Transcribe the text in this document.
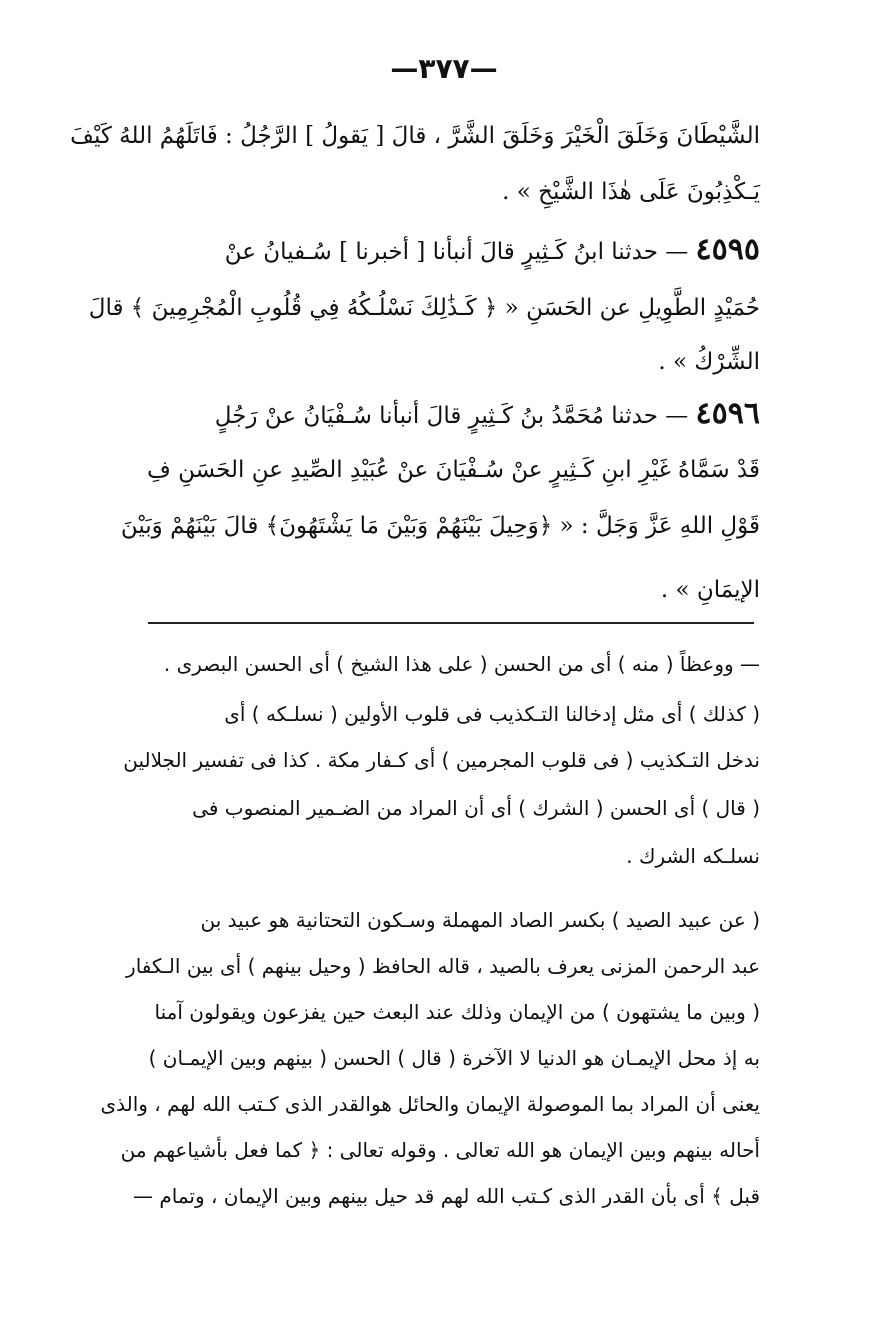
—٣٧٧—
الشَّيْطَانَ وَخَلَقَ الْخَيْرَ وَخَلَقَ الشَّرَّ ، قالَ [ يَقولُ ] الرَّجُلُ : فَاتَلَهُمُ اللهُ كَيْفَ
يَـكْذِبُونَ عَلَى هٰذَا الشَّيْخِ » .
٤٥٩٥ — حدثنا ابنُ كَـثِيرٍ قالَ أنبأنا [ أخبرنا ] سُـفيانُ عنْ
حُمَيْدٍ الطَّوِيلِ عن الحَسَنِ « ﴿ كَـذَٰلِكَ نَسْلُـكُهُ فِي قُلُوبِ الْمُجْرِمِينَ ﴾ قالَ
الشِّرْكُ » .
٤٥٩٦ — حدثنا مُحَمَّدُ بنُ كَـثِيرٍ قالَ أنبأنا سُـفْيَانُ عنْ رَجُلٍ
قَدْ سَمَّاهُ غَيْرِ ابنِ كَـثِيرٍ عنْ سُـفْيَانَ عنْ عُبَيْدِ الصِّيدِ عنِ الحَسَنِ فِ
قَوْلِ اللهِ عَزَّ وَجَلَّ : « ﴿وَحِيلَ بَيْنَهُمْ وَبَيْنَ مَا يَشْتَهُونَ﴾ قالَ بَيْنَهُمْ وَبَيْنَ
الإيمَانِ » .
— ووعظاً ( منه ) أى من الحسن ( على هذا الشيخ ) أى الحسن البصرى .
( كذلك ) أى مثل إدخالنا التـكذيب فى قلوب الأولين ( نسلـكه ) أى
ندخل التـكذيب ( فى قلوب المجرمين ) أى كـفار مكة . كذا فى تفسير الجلالين
( قال ) أى الحسن ( الشرك ) أى أن المراد من الضـمير المنصوب فى
نسلـكه الشرك .
( عن عبيد الصيد ) بكسر الصاد المهملة وسـكون التحتانية هو عبيد بن
عبد الرحمن المزنى يعرف بالصيد ، قاله الحافظ ( وحيل بينهم ) أى بين الـكفار
( وبين ما يشتهون ) من الإيمان وذلك عند البعث حين يفزعون ويقولون آمنا
به إذ محل الإيمـان هو الدنيا لا الآخرة ( قال ) الحسن ( بينهم وبين الإيمـان )
يعنى أن المراد بما الموصولة الإيمان والحائل هوالقدر الذى كـتب الله لهم ، والذى
أحاله بينهم وبين الإيمان هو الله تعالى . وقوله تعالى : ﴿ كما فعل بأشياعهم من
قبل ﴾ أى بأن القدر الذى كـتب الله لهم قد حيل بينهم وبين الإيمان ، وتمام —
